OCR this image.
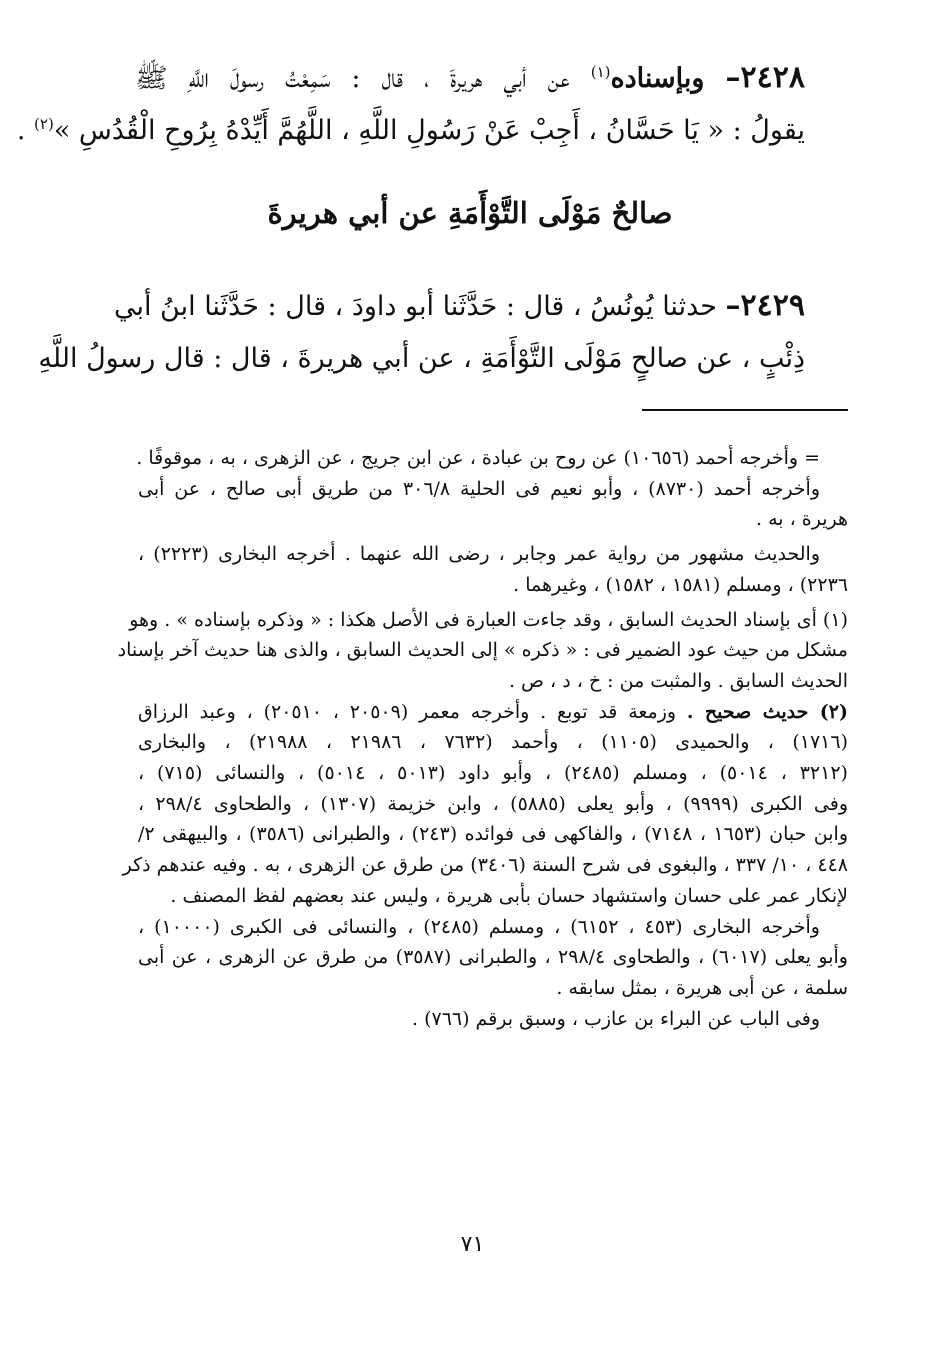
٢٤٢٨– وبإسناده$^{(١)}$ عن أبي هريرةَ ، قال : سَمِعْتُ رسولَ اللَّهِ ﷺ
يقولُ : « يَا حَسَّانُ ، أَجِبْ عَنْ رَسُولِ اللَّهِ ، اللَّهُمَّ أَيِّدْهُ بِرُوحِ الْقُدُسِ »$^{(٢)}$ .
صالحٌ مَوْلَى التَّوْأَمَةِ عن أبي هريرةَ
٢٤٢٩– حدثنا يُونُسُ ، قال : حَدَّثَنا أبو داودَ ، قال : حَدَّثَنا ابنُ أبي
ذِئْبٍ ، عن صالحٍ مَوْلَى التَّوْأَمَةِ ، عن أبي هريرةَ ، قال : قال رسولُ اللَّهِ
= وأخرجه أحمد (١٠٦٥٦) عن روح بن عبادة ، عن ابن جريج ، عن الزهرى ، به ، موقوفًا .
وأخرجه أحمد (٨٧٣٠) ، وأبو نعيم فى الحلية ٣٠٦/٨ من طريق أبى صالح ، عن أبى
هريرة ، به .
والحديث مشهور من رواية عمر وجابر ، رضى الله عنهما . أخرجه البخارى (٢٢٢٣) ،
٢٢٣٦) ، ومسلم (١٥٨١ ، ١٥٨٢) ، وغيرهما .
(١) أى بإسناد الحديث السابق ، وقد جاءت العبارة فى الأصل هكذا : « وذكره بإسناده » . وهو
مشكل من حيث عود الضمير فى : « ذكره » إلى الحديث السابق ، والذى هنا حديث آخر بإسناد
الحديث السابق . والمثبت من : خ ، د ، ص .
(٢) حديث صحيح . وزمعة قد توبع . وأخرجه معمر (٢٠٥٠٩ ، ٢٠٥١٠) ، وعبد الرزاق
(١٧١٦) ، والحميدى (١١٠٥) ، وأحمد (٧٦٣٢ ، ٢١٩٨٦ ، ٢١٩٨٨) ، والبخارى
(٣٢١٢ ، ٥٠١٤) ، ومسلم (٢٤٨٥) ، وأبو داود (٥٠١٣ ، ٥٠١٤) ، والنسائى (٧١٥) ،
وفى الكبرى (٩٩٩٩) ، وأبو يعلى (٥٨٨٥) ، وابن خزيمة (١٣٠٧) ، والطحاوى ٢٩٨/٤ ،
وابن حبان (١٦٥٣ ، ٧١٤٨) ، والفاكهى فى فوائده (٢٤٣) ، والطبرانى (٣٥٨٦) ، والبيهقى ٢/
٤٤٨ ، ١٠/ ٣٣٧ ، والبغوى فى شرح السنة (٣٤٠٦) من طرق عن الزهرى ، به . وفيه عندهم ذكر
لإنكار عمر على حسان واستشهاد حسان بأبى هريرة ، وليس عند بعضهم لفظ المصنف .
وأخرجه البخارى (٤٥٣ ، ٦١٥٢) ، ومسلم (٢٤٨٥) ، والنسائى فى الكبرى (١٠٠٠٠) ،
وأبو يعلى (٦٠١٧) ، والطحاوى ٢٩٨/٤ ، والطبرانى (٣٥٨٧) من طرق عن الزهرى ، عن أبى
سلمة ، عن أبى هريرة ، بمثل سابقه .
وفى الباب عن البراء بن عازب ، وسبق برقم (٧٦٦) .
٧١
